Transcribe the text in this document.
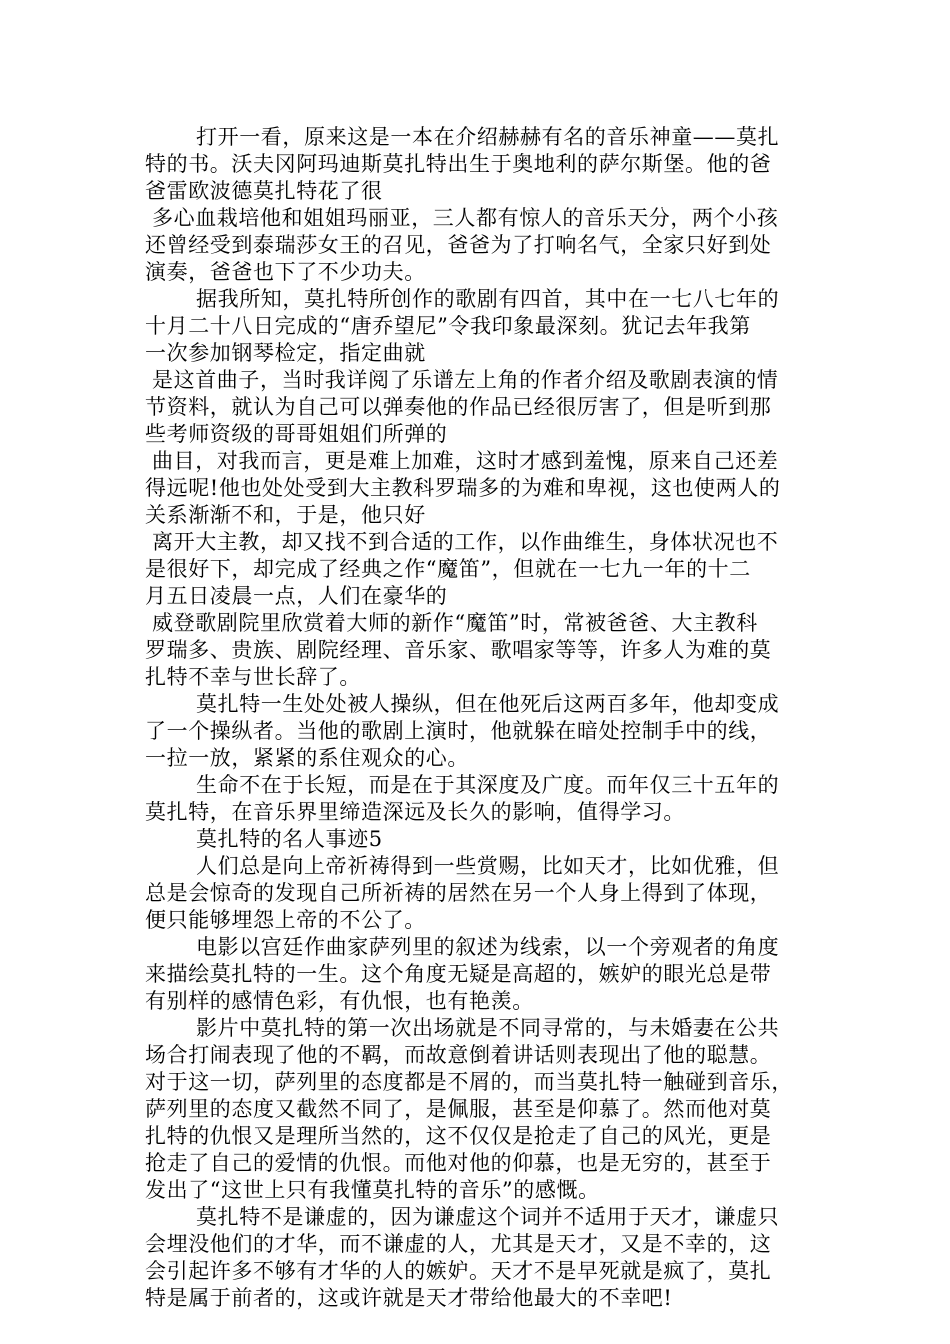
打开一看，原来这是一本在介绍赫赫有名的音乐神童——莫扎
特的书。沃夫冈阿玛迪斯莫扎特出生于奥地利的萨尔斯堡。他的爸
爸雷欧波德莫扎特花了很
多心血栽培他和姐姐玛丽亚，三人都有惊人的音乐天分，两个小孩
还曾经受到泰瑞莎女王的召见，爸爸为了打响名气，全家只好到处
演奏，爸爸也下了不少功夫。
据我所知，莫扎特所创作的歌剧有四首，其中在一七八七年的
十月二十八日完成的“唐乔望尼”令我印象最深刻。犹记去年我第
一次参加钢琴检定，指定曲就
是这首曲子，当时我详阅了乐谱左上角的作者介绍及歌剧表演的情
节资料，就认为自己可以弹奏他的作品已经很厉害了，但是听到那
些考师资级的哥哥姐姐们所弹的
曲目，对我而言，更是难上加难，这时才感到羞愧，原来自己还差
得远呢!他也处处受到大主教科罗瑞多的为难和卑视，这也使两人的
关系渐渐不和，于是，他只好
离开大主教，却又找不到合适的工作，以作曲维生，身体状况也不
是很好下，却完成了经典之作“魔笛”，但就在一七九一年的十二
月五日凌晨一点，人们在豪华的
威登歌剧院里欣赏着大师的新作“魔笛”时，常被爸爸、大主教科
罗瑞多、贵族、剧院经理、音乐家、歌唱家等等，许多人为难的莫
扎特不幸与世长辞了。
莫扎特一生处处被人操纵，但在他死后这两百多年，他却变成
了一个操纵者。当他的歌剧上演时，他就躲在暗处控制手中的线，
一拉一放，紧紧的系住观众的心。
生命不在于长短，而是在于其深度及广度。而年仅三十五年的
莫扎特，在音乐界里缔造深远及长久的影响，值得学习。
莫扎特的名人事迹5
人们总是向上帝祈祷得到一些赏赐，比如天才，比如优雅，但
总是会惊奇的发现自己所祈祷的居然在另一个人身上得到了体现，
便只能够埋怨上帝的不公了。
电影以宫廷作曲家萨列里的叙述为线索，以一个旁观者的角度
来描绘莫扎特的一生。这个角度无疑是高超的，嫉妒的眼光总是带
有别样的感情色彩，有仇恨，也有艳羡。
影片中莫扎特的第一次出场就是不同寻常的，与未婚妻在公共
场合打闹表现了他的不羁，而故意倒着讲话则表现出了他的聪慧。
对于这一切，萨列里的态度都是不屑的，而当莫扎特一触碰到音乐，
萨列里的态度又截然不同了，是佩服，甚至是仰慕了。然而他对莫
扎特的仇恨又是理所当然的，这不仅仅是抢走了自己的风光，更是
抢走了自己的爱情的仇恨。而他对他的仰慕，也是无穷的，甚至于
发出了“这世上只有我懂莫扎特的音乐”的感慨。
莫扎特不是谦虚的，因为谦虚这个词并不适用于天才，谦虚只
会埋没他们的才华，而不谦虚的人，尤其是天才，又是不幸的，这
会引起许多不够有才华的人的嫉妒。天才不是早死就是疯了，莫扎
特是属于前者的，这或许就是天才带给他最大的不幸吧!
